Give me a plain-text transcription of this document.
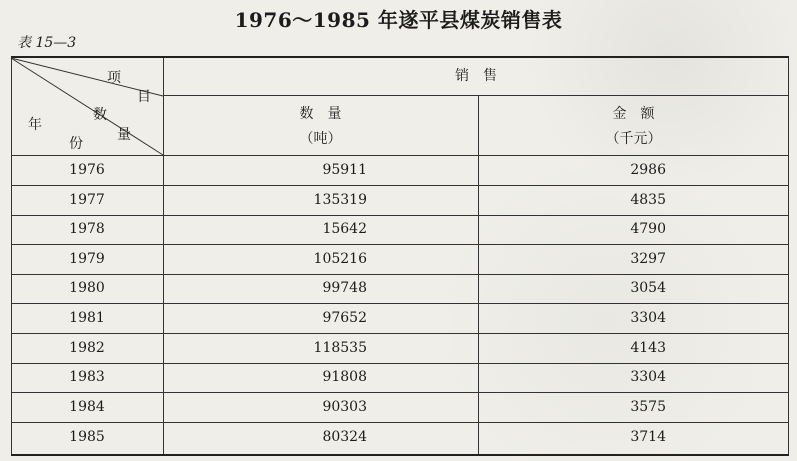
1976～1985 年遂平县煤炭销售表
表 15—3
项
目
数
量
年
份
销　售
数　量
（吨）
金　额
（千元）
1976	95911	2986
1977	135319	4835
1978	15642	4790
1979	105216	3297
1980	99748	3054
1981	97652	3304
1982	118535	4143
1983	91808	3304
1984	90303	3575
1985	80324	3714
